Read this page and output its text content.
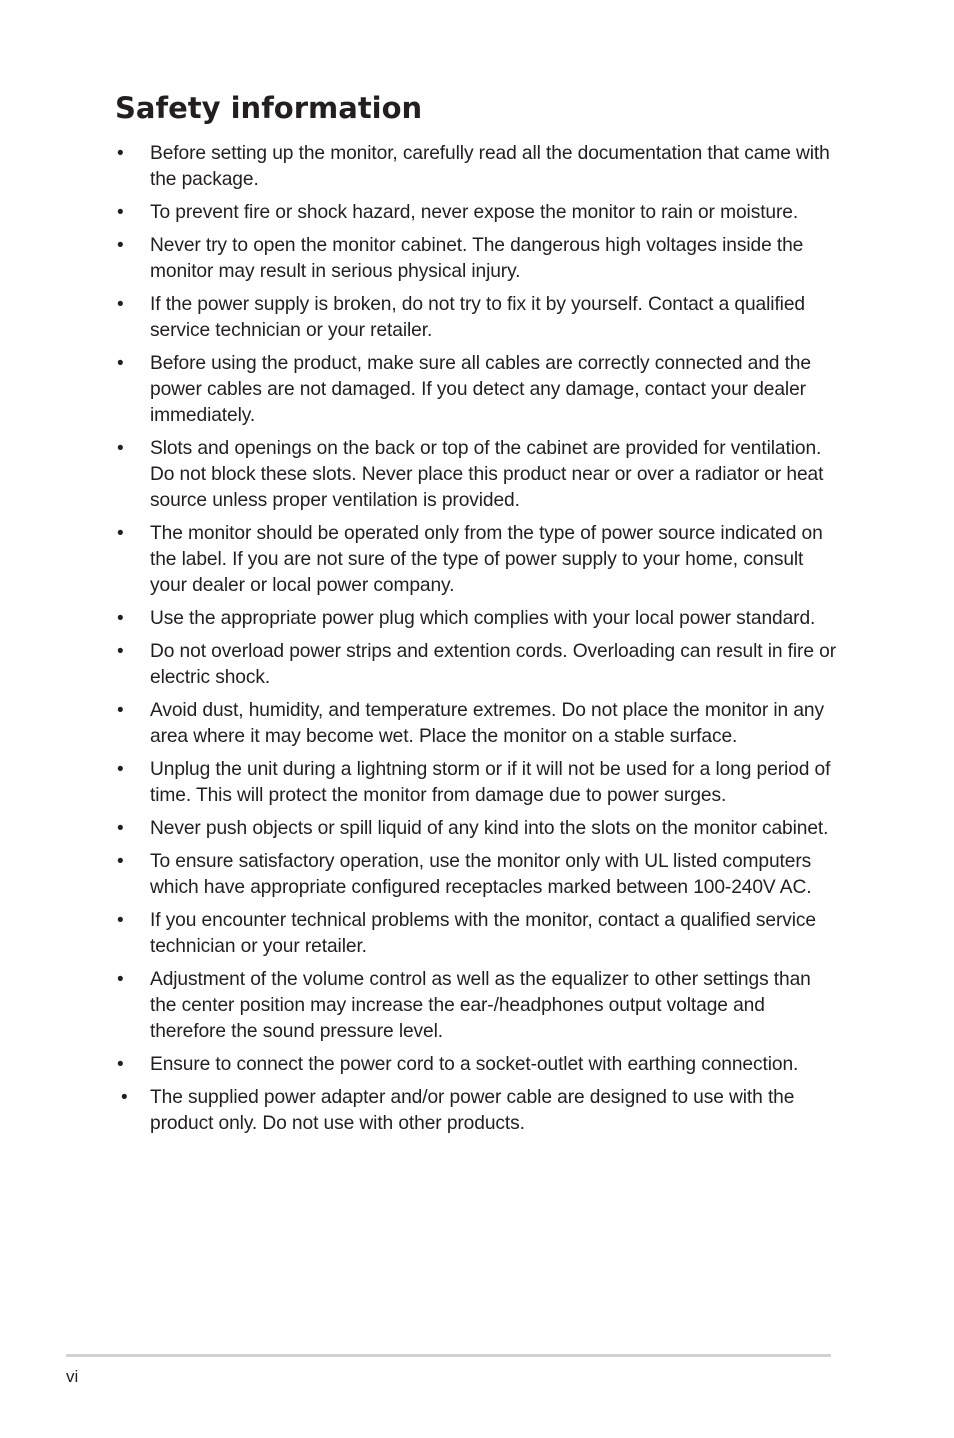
Safety information
• Before setting up the monitor, carefully read all the documentation that came with the package.
• To prevent fire or shock hazard, never expose the monitor to rain or moisture.
• Never try to open the monitor cabinet. The dangerous high voltages inside the monitor may result in serious physical injury.
• If the power supply is broken, do not try to fix it by yourself. Contact a qualified service technician or your retailer.
• Before using the product, make sure all cables are correctly connected and the power cables are not damaged. If you detect any damage, contact your dealer immediately.
• Slots and openings on the back or top of the cabinet are provided for ventilation. Do not block these slots. Never place this product near or over a radiator or heat source unless proper ventilation is provided.
• The monitor should be operated only from the type of power source indicated on the label. If you are not sure of the type of power supply to your home, consult your dealer or local power company.
• Use the appropriate power plug which complies with your local power standard.
• Do not overload power strips and extention cords. Overloading can result in fire or electric shock.
• Avoid dust, humidity, and temperature extremes. Do not place the monitor in any area where it may become wet. Place the monitor on a stable surface.
• Unplug the unit during a lightning storm or if it will not be used for a long period of time. This will protect the monitor from damage due to power surges.
• Never push objects or spill liquid of any kind into the slots on the monitor cabinet.
• To ensure satisfactory operation, use the monitor only with UL listed computers which have appropriate configured receptacles marked between 100-240V AC.
• If you encounter technical problems with the monitor, contact a qualified service technician or your retailer.
• Adjustment of the volume control as well as the equalizer to other settings than the center position may increase the ear-/headphones output voltage and therefore the sound pressure level.
• Ensure to connect the power cord to a socket-outlet with earthing connection.
• The supplied power adapter and/or power cable are designed to use with the product only. Do not use with other products.
vi
